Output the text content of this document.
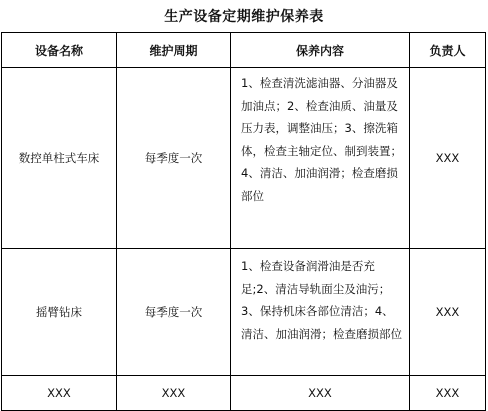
生产设备定期维护保养表
设备名称	维护周期	保养内容	负责人
数控单柱式车床	每季度一次	1、检查清洗滤油器、分油器及加油点；2、检查油质、油量及压力表，调整油压；3、擦洗箱体，检查主轴定位、制到装置；4、清洁、加油润滑；检查磨损部位	XXX
摇臂钻床	每季度一次	1、检查设备润滑油是否充足;2、清洁导轨面尘及油污；3、保持机床各部位清洁；4、清洁、加油润滑；检查磨损部位	XXX
XXX	XXX	XXX	XXX
